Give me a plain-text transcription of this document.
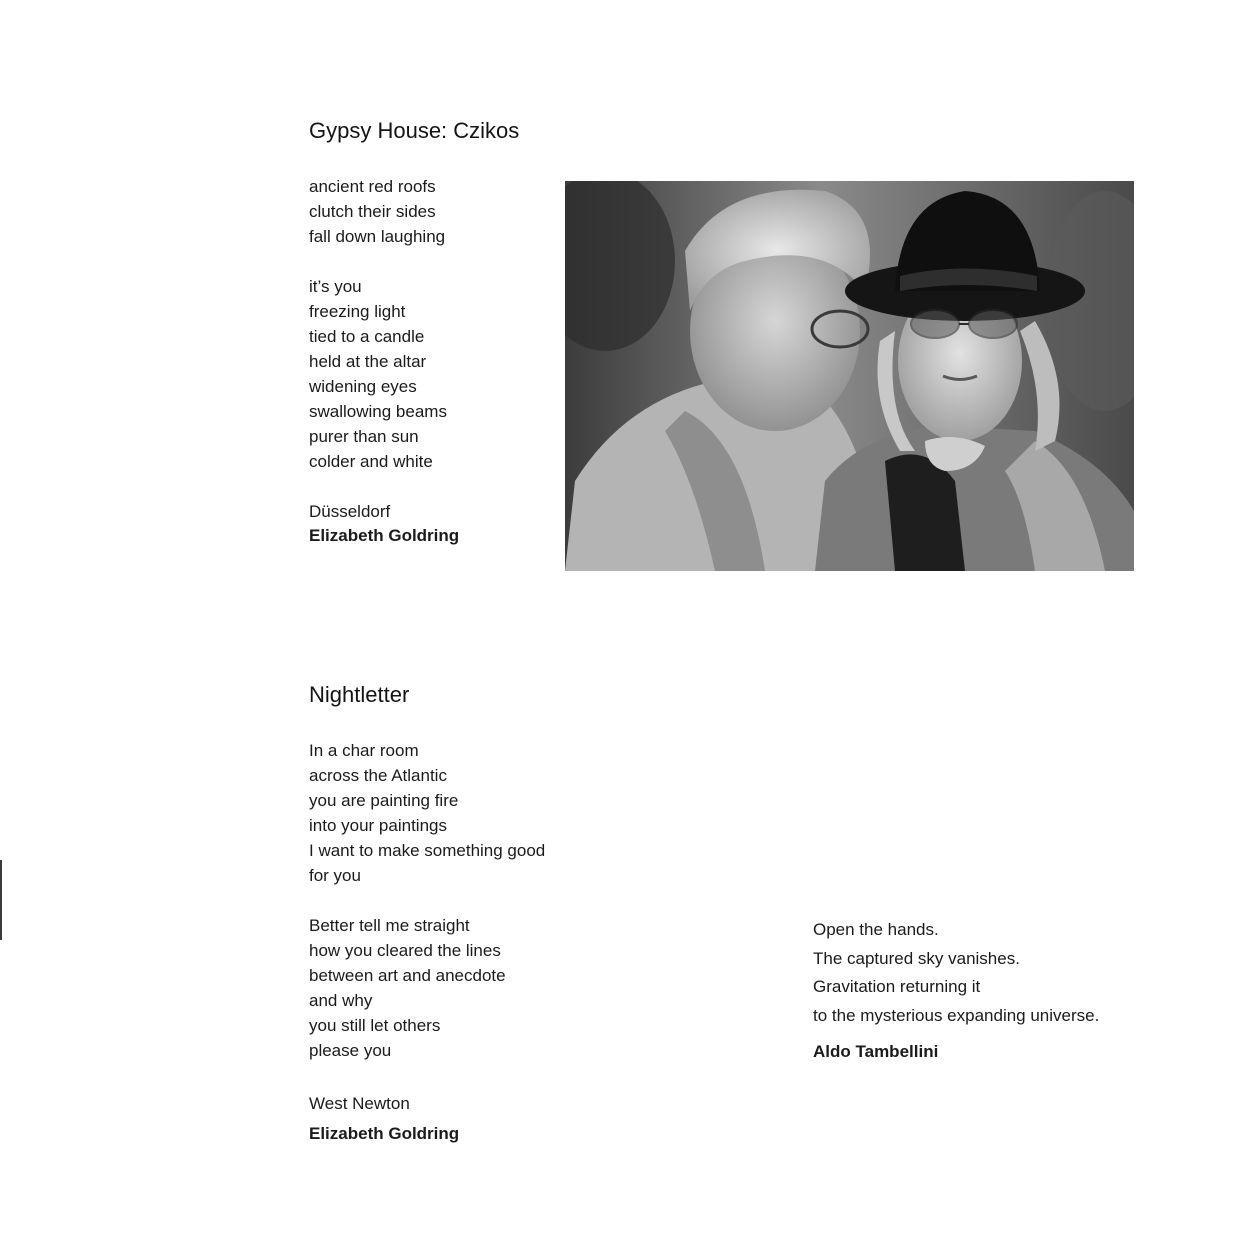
Gypsy House: Czikos
ancient red roofs
clutch their sides
fall down laughing
it’s you
freezing light
tied to a candle
held at the altar
widening eyes
swallowing beams
purer than sun
colder and white
Düsseldorf
Elizabeth Goldring
Nightletter
In a char room
across the Atlantic
you are painting fire
into your paintings
I want to make something good
for you
Better tell me straight
how you cleared the lines
between art and anecdote
and why
you still let others
please you
West Newton
Elizabeth Goldring
Open the hands.
The captured sky vanishes.
Gravitation returning it
to the mysterious expanding universe.
Aldo Tambellini
